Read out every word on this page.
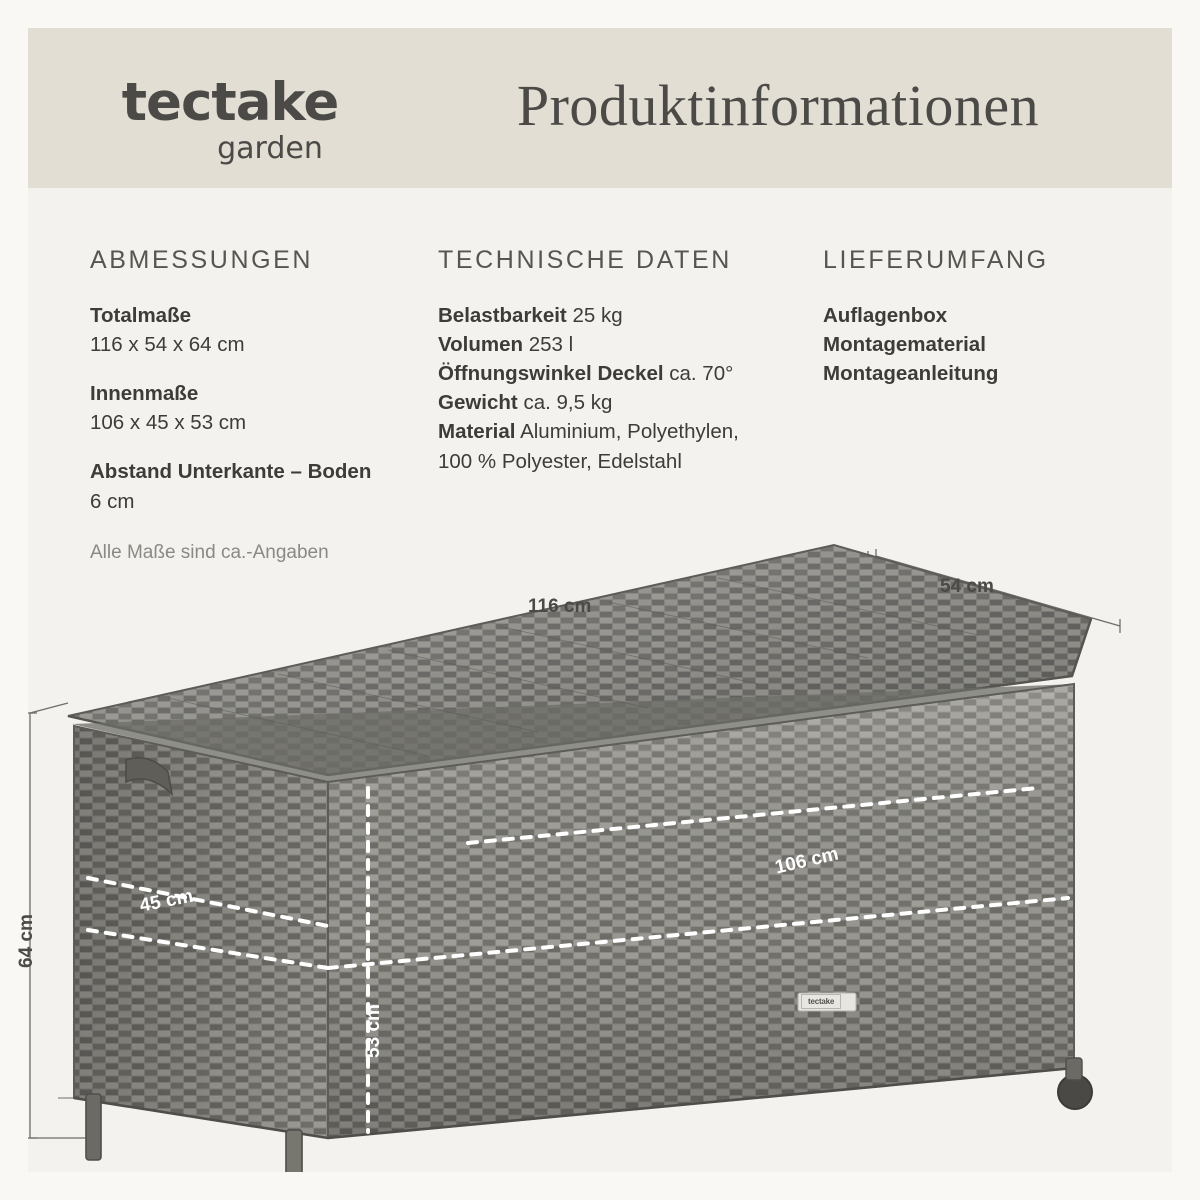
tectake
garden
Produktinformationen
ABMESSUNGEN
Totalmaße
116 x 54 x 64 cm
Innenmaße
106 x 45 x 53 cm
Abstand Unterkante – Boden
6 cm
Alle Maße sind ca.-Angaben
TECHNISCHE DATEN
Belastbarkeit 25 kg
Volumen 253 l
Öffnungswinkel Deckel ca. 70°
Gewicht ca. 9,5 kg
Material Aluminium, Polyethylen, 100 % Polyester, Edelstahl
LIEFERUMFANG
Auflagenbox
Montagematerial
Montageanleitung
116 cm
54 cm
64 cm
106 cm
45 cm
53 cm
tectake
